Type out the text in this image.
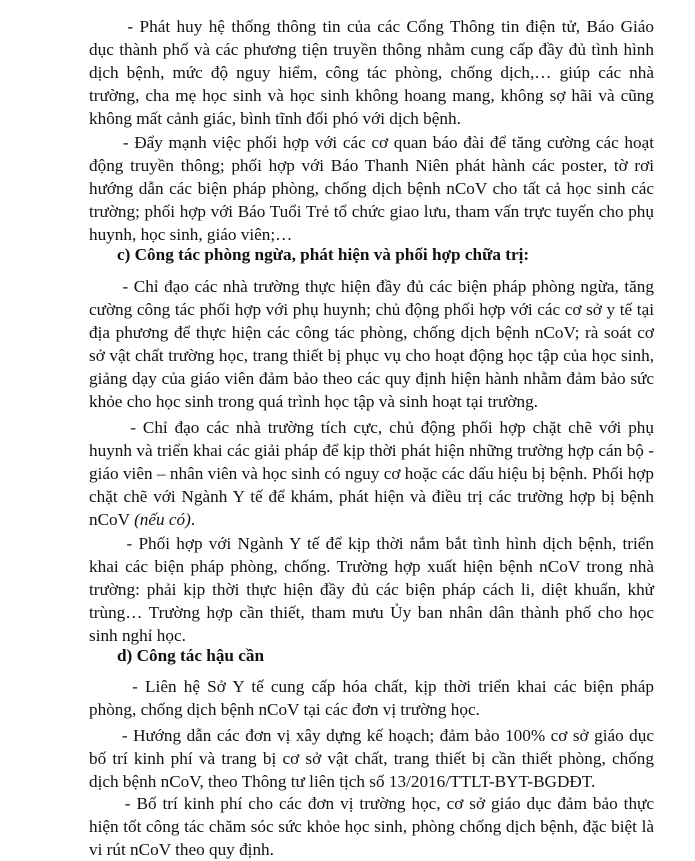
- Phát huy hệ thống thông tin của các Cổng Thông tin điện tử, Báo Giáo
dục thành phố và các phương tiện truyền thông nhằm cung cấp đầy đủ tình hình
dịch bệnh, mức độ nguy hiểm, công tác phòng, chống dịch,… giúp các nhà
trường, cha mẹ học sinh và học sinh không hoang mang, không sợ hãi và cũng
không mất cảnh giác, bình tĩnh đối phó với dịch bệnh.
- Đẩy mạnh việc phối hợp với các cơ quan báo đài để tăng cường các hoạt
động truyền thông; phối hợp với Báo Thanh Niên phát hành các poster, tờ rơi
hướng dẫn các biện pháp phòng, chống dịch bệnh nCoV cho tất cả học sinh các
trường; phối hợp với Báo Tuổi Trẻ tổ chức giao lưu, tham vấn trực tuyến cho phụ
huynh, học sinh, giáo viên;…
c) Công tác phòng ngừa, phát hiện và phối hợp chữa trị:
- Chỉ đạo các nhà trường thực hiện đầy đủ các biện pháp phòng ngừa, tăng
cường công tác phối hợp với phụ huynh; chủ động phối hợp với các cơ sở y tế tại
địa phương để thực hiện các công tác phòng, chống dịch bệnh nCoV; rà soát cơ
sở vật chất trường học, trang thiết bị phục vụ cho hoạt động học tập của học sinh,
giảng dạy của giáo viên đảm bảo theo các quy định hiện hành nhằm đảm bảo sức
khỏe cho học sinh trong quá trình học tập và sinh hoạt tại trường.
- Chỉ đạo các nhà trường tích cực, chủ động phối hợp chặt chẽ với phụ
huynh và triển khai các giải pháp để kịp thời phát hiện những trường hợp cán bộ -
giáo viên – nhân viên và học sinh có nguy cơ hoặc các dấu hiệu bị bệnh. Phối hợp
chặt chẽ với Ngành Y tế để khám, phát hiện và điều trị các trường hợp bị bệnh
nCoV (nếu có).
- Phối hợp với Ngành Y tế để kịp thời nắm bắt tình hình dịch bệnh, triển
khai các biện pháp phòng, chống. Trường hợp xuất hiện bệnh nCoV trong nhà
trường: phải kịp thời thực hiện đầy đủ các biện pháp cách li, diệt khuẩn, khử
trùng… Trường hợp cần thiết, tham mưu Ủy ban nhân dân thành phố cho học
sinh nghỉ học.
d) Công tác hậu cần
- Liên hệ Sở Y tế cung cấp hóa chất, kịp thời triển khai các biện pháp
phòng, chống dịch bệnh nCoV tại các đơn vị trường học.
- Hướng dẫn các đơn vị xây dựng kế hoạch; đảm bảo 100% cơ sở giáo dục
bố trí kinh phí và trang bị cơ sở vật chất, trang thiết bị cần thiết phòng, chống
dịch bệnh nCoV, theo Thông tư liên tịch số 13/2016/TTLT-BYT-BGDĐT.
- Bố trí kinh phí cho các đơn vị trường học, cơ sở giáo dục đảm bảo thực
hiện tốt công tác chăm sóc sức khỏe học sinh, phòng chống dịch bệnh, đặc biệt là
vi rút nCoV theo quy định.
